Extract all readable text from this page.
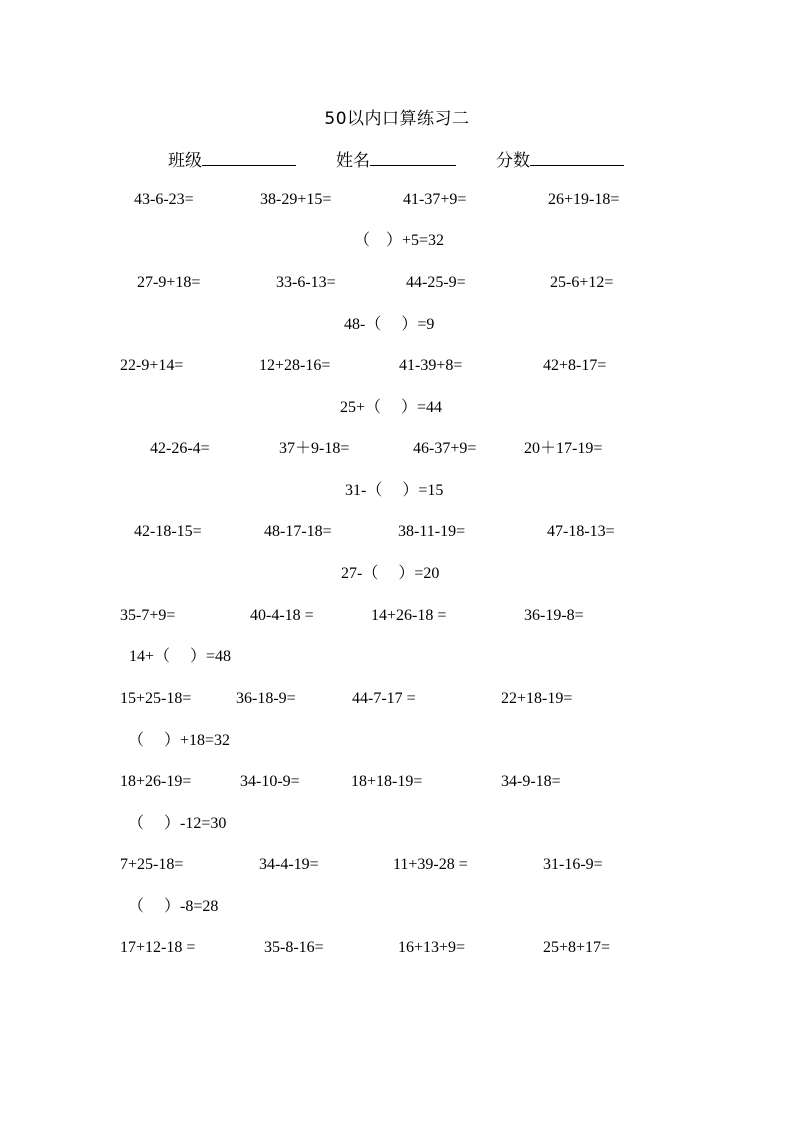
50以内口算练习二
班级	姓名	分数
43-6-23=	38-29+15=	41-37+9=	26+19-18=
（　）+5=32
27-9+18=	33-6-13=	44-25-9=	25-6+12=
48-（　 ）=9
22-9+14=	12+28-16=	41-39+8=	42+8-17=
25+（　 ）=44
42-26-4=	37＋9-18=	46-37+9=	20＋17-19=
31-（　 ）=15
42-18-15=	48-17-18=	38-11-19=	47-18-13=
27-（　 ）=20
35-7+9=	40-4-18 =	14+26-18 =	36-19-8=
14+（　 ）=48
15+25-18=	36-18-9=	44-7-17 =	22+18-19=
（　 ）+18=32
18+26-19=	34-10-9=	18+18-19=	34-9-18=
（　 ）-12=30
7+25-18=	34-4-19=	11+39-28 =	31-16-9=
（　 ）-8=28
17+12-18 =	35-8-16=	16+13+9=	25+8+17=
